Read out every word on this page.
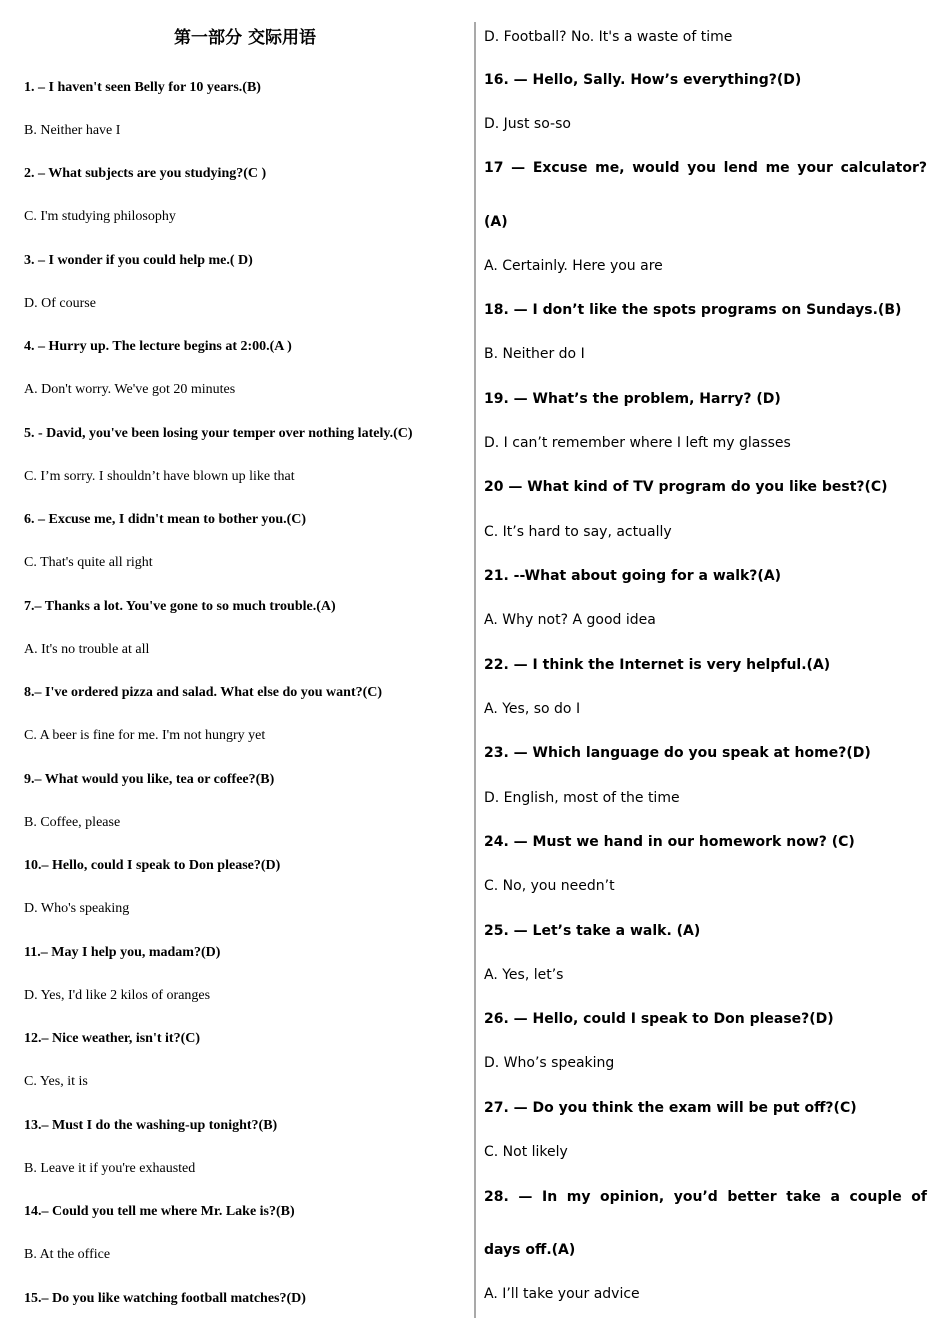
第一部分 交际用语
1. – I haven't seen Belly for 10 years.(B)
B. Neither have I
2. – What subjects are you studying?(C )
C. I'm studying philosophy
3. – I wonder if you could help me.( D)
D. Of course
4. – Hurry up. The lecture begins at 2:00.(A )
A. Don't worry. We've got 20 minutes
5. - David, you've been losing your temper over nothing lately.(C)
C. I’m sorry. I shouldn’t have blown up like that
6. – Excuse me, I didn't mean to bother you.(C)
C. That's quite all right
7.– Thanks a lot. You've gone to so much trouble.(A)
A. It's no trouble at all
8.– I've ordered pizza and salad. What else do you want?(C)
C. A beer is fine for me. I'm not hungry yet
9.– What would you like, tea or coffee?(B)
B. Coffee, please
10.– Hello, could I speak to Don please?(D)
D. Who's speaking
11.– May I help you, madam?(D)
D. Yes, I'd like 2 kilos of oranges
12.– Nice weather, isn't it?(C)
C. Yes, it is
13.– Must I do the washing-up tonight?(B)
B. Leave it if you're exhausted
14.– Could you tell me where Mr. Lake is?(B)
B. At the office
15.– Do you like watching football matches?(D)
D. Football? No. It's a waste of time
16. — Hello, Sally. How’s everything?(D)
D. Just so-so
17 — Excuse me, would you lend me your calculator?
(A)
A. Certainly. Here you are
18. — I don’t like the spots programs on Sundays.(B)
B. Neither do I
19. — What’s the problem, Harry? (D)
D. I can’t remember where I left my glasses
20 — What kind of TV program do you like best?(C)
C. It’s hard to say, actually
21. --What about going for a walk?(A)
A. Why not? A good idea
22. — I think the Internet is very helpful.(A)
A. Yes, so do I
23. — Which language do you speak at home?(D)
D. English, most of the time
24. — Must we hand in our homework now? (C)
C. No, you needn’t
25. — Let’s take a walk. (A)
A. Yes, let’s
26. — Hello, could I speak to Don please?(D)
D. Who’s speaking
27. — Do you think the exam will be put off?(C)
C. Not likely
28. — In my opinion, you’d better take a couple of
days off.(A)
A. I’ll take your advice
